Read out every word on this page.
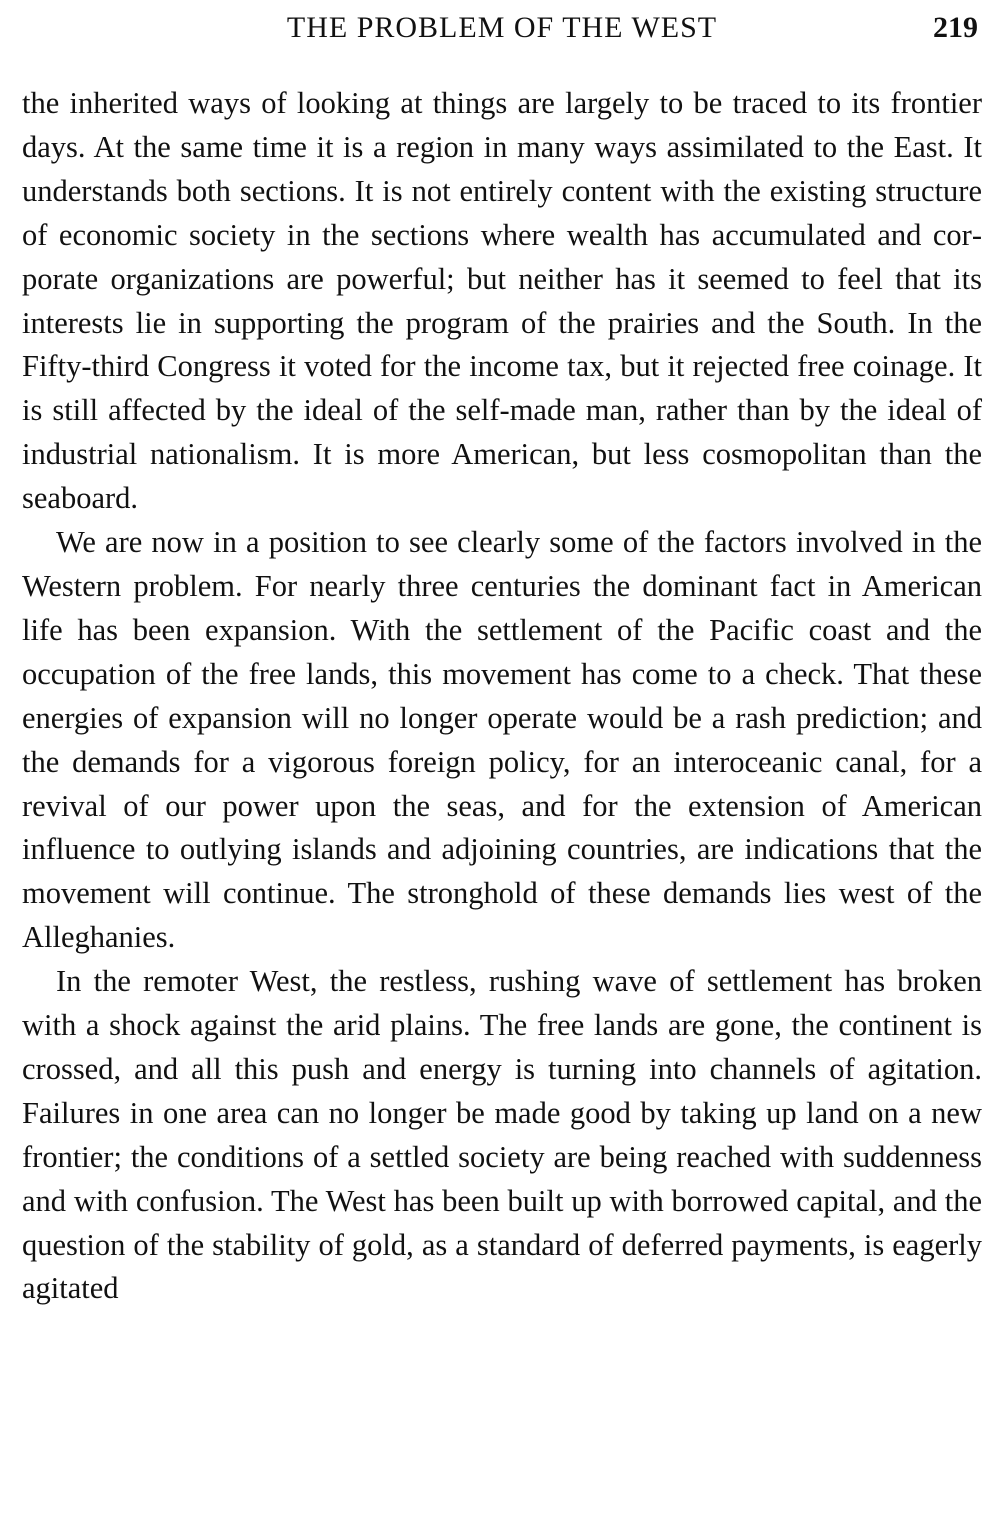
THE PROBLEM OF THE WEST	219

the inherited ways of looking at things are largely to be traced to its frontier days. At the same time it is a region in many ways assimilated to the East. It understands both sections. It is not entirely content with the existing structure of economic society in the sections where wealth has accumulated and corporate organizations are powerful; but neither has it seemed to feel that its interests lie in supporting the program of the prairies and the South. In the Fifty-third Congress it voted for the income tax, but it rejected free coinage. It is still affected by the ideal of the self-made man, rather than by the ideal of industrial nationalism. It is more American, but less cosmopolitan than the seaboard.

We are now in a position to see clearly some of the factors involved in the Western problem. For nearly three centuries the dominant fact in American life has been expansion. With the settlement of the Pacific coast and the occupation of the free lands, this movement has come to a check. That these energies of expansion will no longer operate would be a rash prediction; and the demands for a vigorous foreign policy, for an interoceanic canal, for a revival of our power upon the seas, and for the extension of American influence to outlying islands and adjoining countries, are indications that the movement will continue. The stronghold of these demands lies west of the Alleghanies.

In the remoter West, the restless, rushing wave of settlement has broken with a shock against the arid plains. The free lands are gone, the continent is crossed, and all this push and energy is turning into channels of agitation. Failures in one area can no longer be made good by taking up land on a new frontier; the conditions of a settled society are being reached with suddenness and with confusion. The West has been built up with borrowed capital, and the question of the stability of gold, as a standard of deferred payments, is eagerly agitated
